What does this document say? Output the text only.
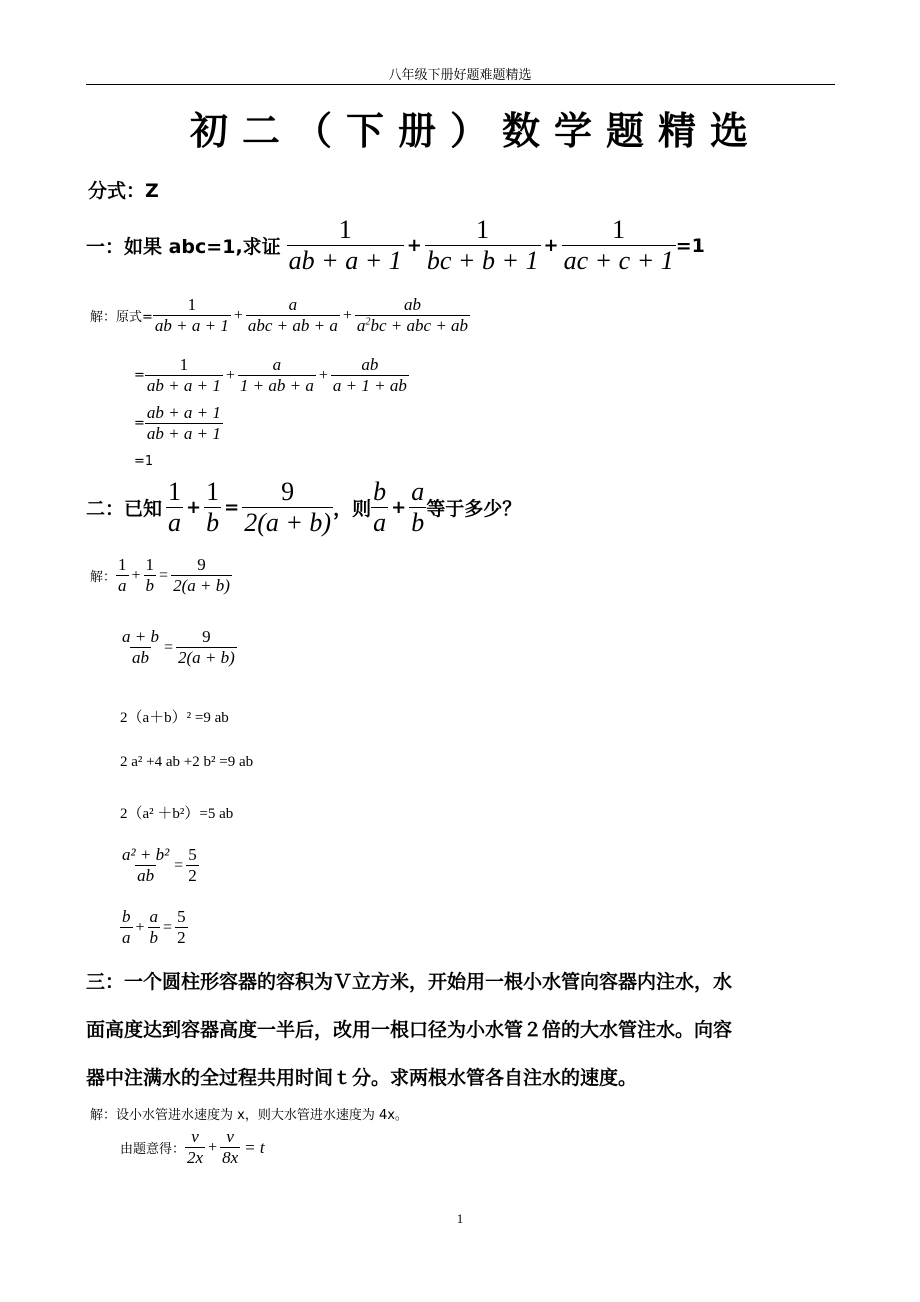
八年级下册好题难题精选
初二（下册）数学题精选
分式：Z
一：如果 abc=1,求证 $\frac{1}{ab + a + 1} + \frac{1}{bc + b + 1} + \frac{1}{ac + c + 1} =1$
解：原式= $\frac{1}{ab + a + 1} + \frac{a}{\text{abc + ab + a}} + \frac{ab}{a^2bc + abc + ab}$
= $\frac{1}{ab + a + 1} + \frac{a}{1 + ab + a} + \frac{ab}{a + 1 + ab}$
= $\frac{ab + a + 1}{ab + a + 1}$
=1
二：已知 $\frac{1}{a} + \frac{1}{b} = \frac{9}{2(a + b)}$ ，则 $\frac{b}{a} + \frac{a}{b}$ 等于多少？
解： $\frac{1}{a} + \frac{1}{b} = \frac{9}{2(a + b)}$
$\frac{a + b}{ab} = \frac{9}{2(a + b)}$
2（a＋b）² =9 ab
2 a² +4 ab +2 b² =9 ab
2（a² ＋b²）=5 ab
$\frac{\text{a² + b²}}{ab} = \frac{5}{2}$
$\frac{b}{a} + \frac{a}{b} = \frac{5}{2}$
三：一个圆柱形容器的容积为Ｖ立方米，开始用一根小水管向容器内注水，水
面高度达到容器高度一半后，改用一根口径为小水管２倍的大水管注水。向容
器中注满水的全过程共用时间ｔ分。求两根水管各自注水的速度。
解：设小水管进水速度为 x，则大水管进水速度为 4x。
由题意得： $\frac{v}{2x} + \frac{v}{8x} = t$
1
